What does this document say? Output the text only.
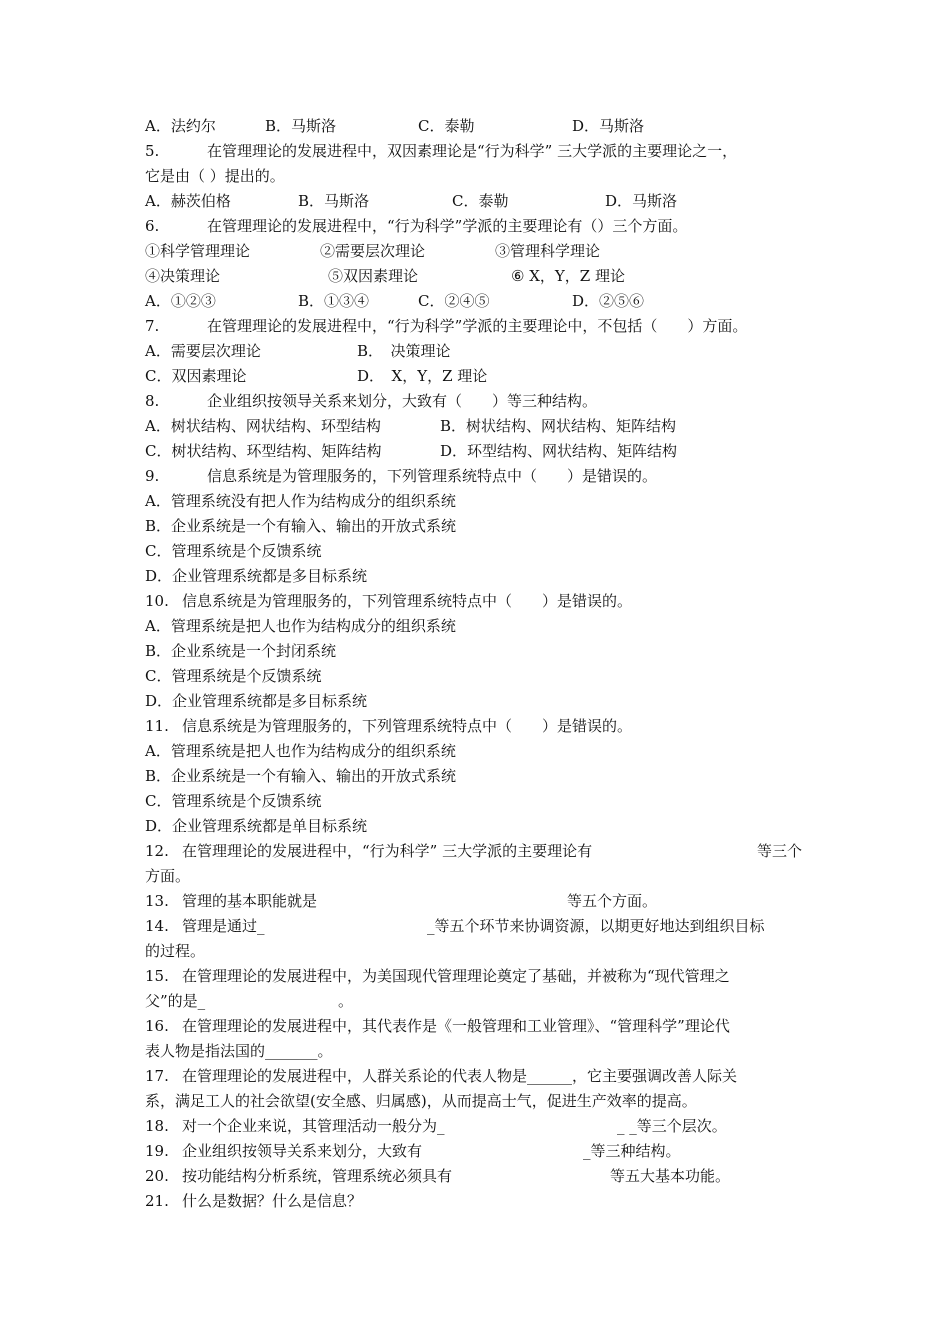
A．法约尔	B．马斯洛	C．泰勒	D．马斯洛
5.	在管理理论的发展进程中，双因素理论是“行为科学” 三大学派的主要理论之一，
它是由（ ）提出的。
A．赫茨伯格	B．马斯洛	C．泰勒	D．马斯洛
6.	在管理理论的发展进程中，“行为科学”学派的主要理论有（）三个方面。
①科学管理理论	②需要层次理论	③管理科学理论
④决策理论	⑤双因素理论	⑥ X，Y，Z 理论
A．①②③	B．①③④	C．②④⑤	D．②⑤⑥
7.	在管理理论的发展进程中，“行为科学”学派的主要理论中，不包括（　　）方面。
A．需要层次理论	B．　决策理论
C．双因素理论	D．　X，Y，Z 理论
8.	企业组织按领导关系来划分，大致有（　　）等三种结构。
A．树状结构、网状结构、环型结构	B．树状结构、网状结构、矩阵结构
C．树状结构、环型结构、矩阵结构	D．环型结构、网状结构、矩阵结构
9.	信息系统是为管理服务的，下列管理系统特点中（　　）是错误的。
A．管理系统没有把人作为结构成分的组织系统
B．企业系统是一个有输入、输出的开放式系统
C．管理系统是个反馈系统
D．企业管理系统都是多目标系统
10. 信息系统是为管理服务的，下列管理系统特点中（　　）是错误的。
A．管理系统是把人也作为结构成分的组织系统
B．企业系统是一个封闭系统
C．管理系统是个反馈系统
D．企业管理系统都是多目标系统
11. 信息系统是为管理服务的，下列管理系统特点中（　　）是错误的。
A．管理系统是把人也作为结构成分的组织系统
B．企业系统是一个有输入、输出的开放式系统
C．管理系统是个反馈系统
D．企业管理系统都是单目标系统
12. 在管理理论的发展进程中，“行为科学” 三大学派的主要理论有	等三个
方面。
13. 管理的基本职能就是	等五个方面。
14. 管理是通过_	_等五个环节来协调资源，以期更好地达到组织目标
的过程。
15. 在管理理论的发展进程中，为美国现代管理理论奠定了基础，并被称为“现代管理之
父”的是_	。
16. 在管理理论的发展进程中，其代表作是《一般管理和工业管理》、“管理科学”理论代
表人物是指法国的_______。
17. 在管理理论的发展进程中，人群关系论的代表人物是______，它主要强调改善人际关
系，满足工人的社会欲望(安全感、归属感)，从而提高士气，促进生产效率的提高。
18. 对一个企业来说，其管理活动一般分为_	_ _等三个层次。
19. 企业组织按领导关系来划分，大致有	_等三种结构。
20. 按功能结构分析系统，管理系统必须具有	等五大基本功能。
21. 什么是数据？什么是信息？
